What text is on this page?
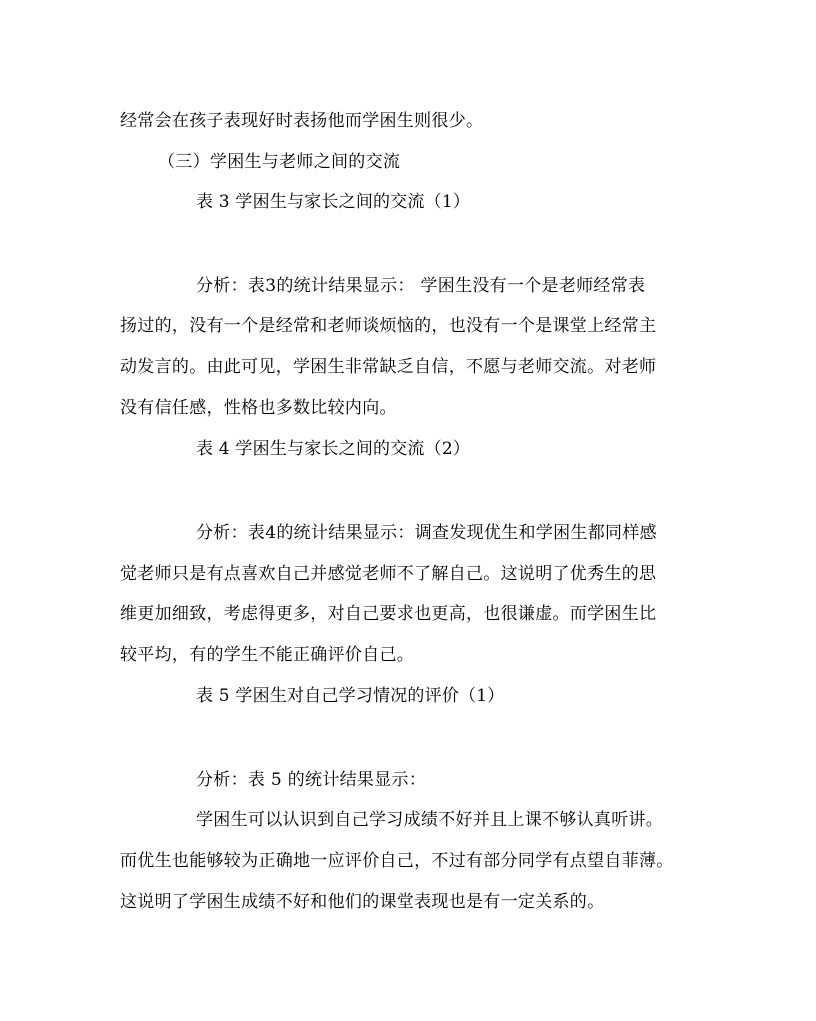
经常会在孩子表现好时表扬他而学困生则很少。
（三）学困生与老师之间的交流
表 3 学困生与家长之间的交流（1）
分析：表3的统计结果显示： 学困生没有一个是老师经常表
扬过的，没有一个是经常和老师谈烦恼的，也没有一个是课堂上经常主
动发言的。由此可见，学困生非常缺乏自信，不愿与老师交流。对老师
没有信任感，性格也多数比较内向。
表 4 学困生与家长之间的交流（2）
分析：表4的统计结果显示：调查发现优生和学困生都同样感
觉老师只是有点喜欢自己并感觉老师不了解自己。这说明了优秀生的思
维更加细致，考虑得更多，对自己要求也更高，也很谦虚。而学困生比
较平均，有的学生不能正确评价自己。
表 5 学困生对自己学习情况的评价（1）
分析：表 5 的统计结果显示：
学困生可以认识到自己学习成绩不好并且上课不够认真听讲。
而优生也能够较为正确地一应评价自己，不过有部分同学有点望自菲薄。
这说明了学困生成绩不好和他们的课堂表现也是有一定关系的。
